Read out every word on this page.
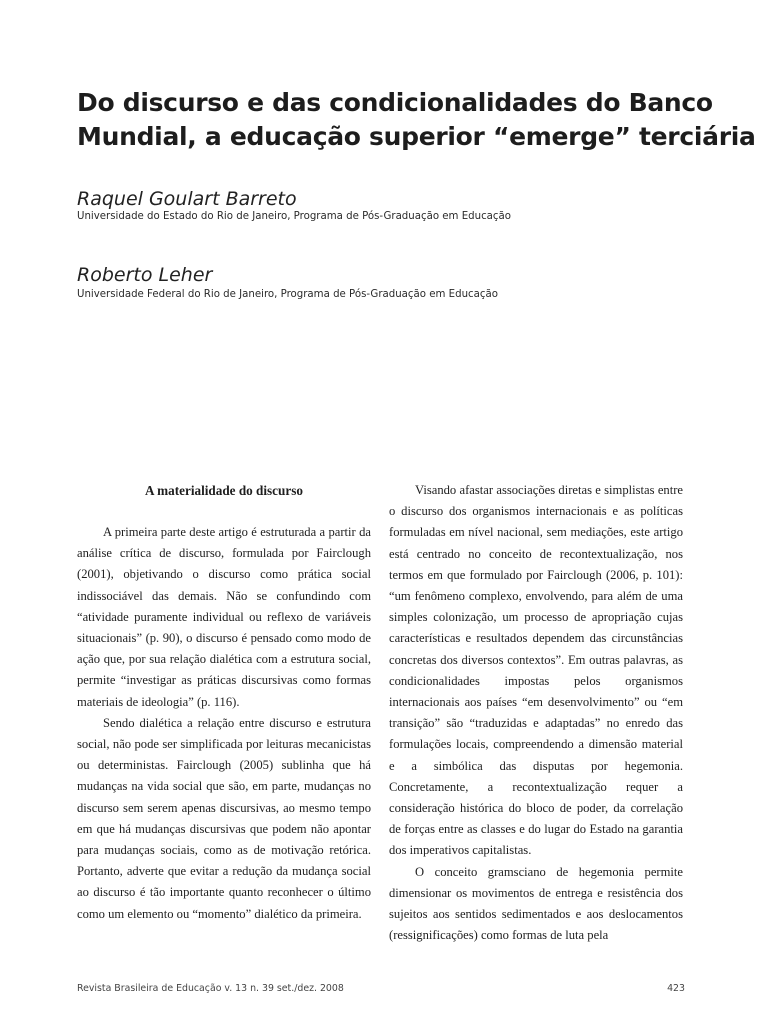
Do discurso e das condicionalidades do Banco
Mundial, a educação superior “emerge” terciária
Raquel Goulart Barreto
Universidade do Estado do Rio de Janeiro, Programa de Pós-Graduação em Educação
Roberto Leher
Universidade Federal do Rio de Janeiro, Programa de Pós-Graduação em Educação
A materialidade do discurso

A primeira parte deste artigo é estruturada a partir da análise crítica de discurso, formulada por Fairclough (2001), objetivando o discurso como prática social indissociável das demais. Não se confundindo com “atividade puramente individual ou reflexo de variáveis situacionais” (p. 90), o discurso é pensado como modo de ação que, por sua relação dialética com a estrutura social, permite “investigar as práticas discursivas como formas materiais de ideologia” (p. 116).

Sendo dialética a relação entre discurso e estrutura social, não pode ser simplificada por leituras mecanicistas ou deterministas. Fairclough (2005) sublinha que há mudanças na vida social que são, em parte, mudanças no discurso sem serem apenas discursivas, ao mesmo tempo em que há mudanças discursivas que podem não apontar para mudanças sociais, como as de motivação retórica. Portanto, adverte que evitar a redução da mudança social ao discurso é tão importante quanto reconhecer o último como um elemento ou “momento” dialético da primeira.

Visando afastar associações diretas e simplistas entre o discurso dos organismos internacionais e as políticas formuladas em nível nacional, sem mediações, este artigo está centrado no conceito de recontextualização, nos termos em que formulado por Fairclough (2006, p. 101): “um fenômeno complexo, envolvendo, para além de uma simples colonização, um processo de apropriação cujas características e resultados dependem das circunstâncias concretas dos diversos contextos”. Em outras palavras, as condicionalidades impostas pelos organismos internacionais aos países “em desenvolvimento” ou “em transição” são “traduzidas e adaptadas” no enredo das formulações locais, compreendendo a dimensão material e a simbólica das disputas por hegemonia. Concretamente, a recontextualização requer a consideração histórica do bloco de poder, da correlação de forças entre as classes e do lugar do Estado na garantia dos imperativos capitalistas.

O conceito gramsciano de hegemonia permite dimensionar os movimentos de entrega e resistência dos sujeitos aos sentidos sedimentados e aos deslocamentos (ressignificações) como formas de luta pela

Revista Brasileira de Educação v. 13 n. 39 set./dez. 2008	423
